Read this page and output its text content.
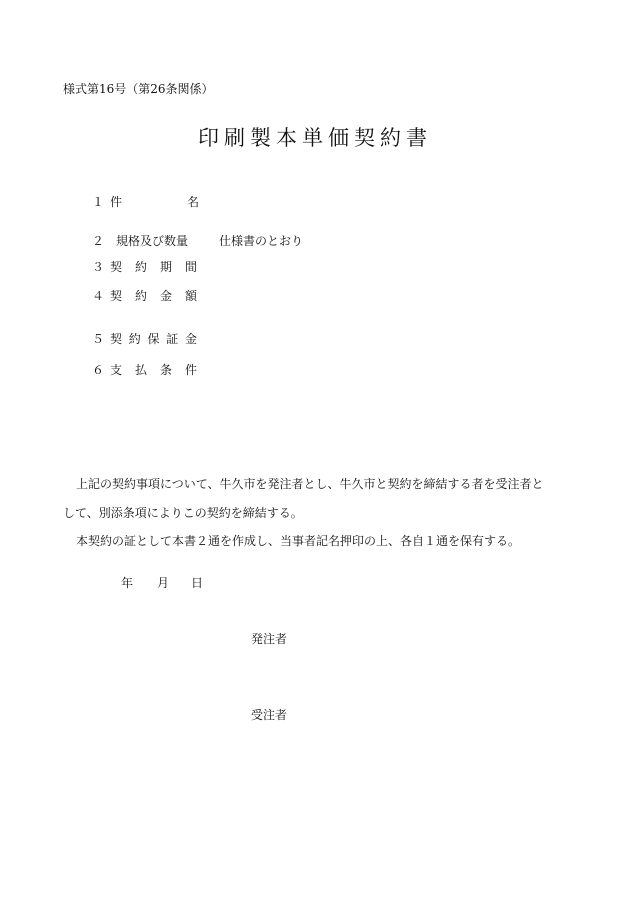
様式第16号（第26条関係）
印刷製本単価契約書
１ 件	名
２ 規格及び数量	仕様書のとおり
３ 契 約 期 間
４ 契 約 金 額
５ 契 約 保 証 金
６ 支 払 条 件
上記の契約事項について、牛久市を発注者とし、牛久市と契約を締結する者を受注者と
して、別添条項によりこの契約を締結する。
本契約の証として本書２通を作成し、当事者記名押印の上、各自１通を保有する。
年 月 日
発注者
受注者
